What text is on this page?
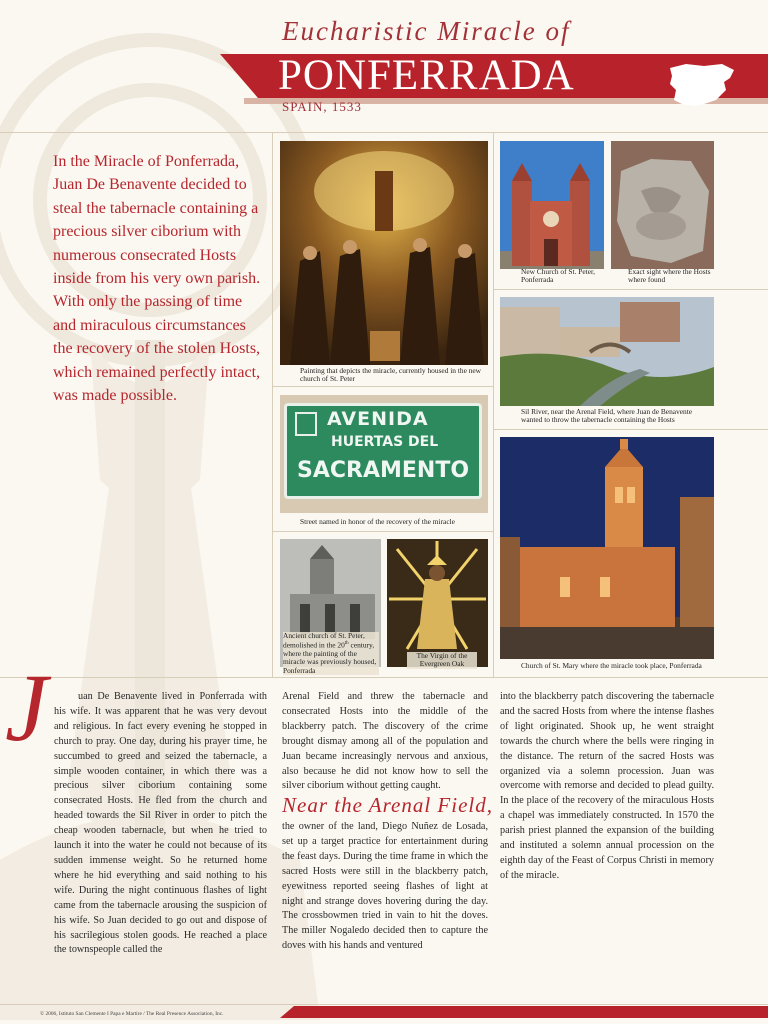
Eucharistic Miracle of
PONFERRADA
SPAIN, 1533
In the Miracle of Ponferrada, Juan De Benavente decided to steal the tabernacle containing a precious silver ciborium with numerous consecrated Hosts inside from his very own parish. With only the passing of time and miraculous circumstances the recovery of the stolen Hosts, which remained perfectly intact, was made possible.
Painting that depicts the miracle, currently housed in the new church of St. Peter
New Church of St. Peter, Ponferrada
Exact sight where the Hosts where found
Sil River, near the Arenal Field, where Juan de Benavente wanted to throw the tabernacle containing the Hosts
AVENIDA
HUERTAS DEL
SACRAMENTO
Street named in honor of the recovery of the miracle
Ancient church of St. Peter, demolished in the 20th century, where the painting of the miracle was previously housed, Ponferrada
The Virgin of the Evergreen Oak	Church of St. Mary where the miracle took place, Ponferrada
J	uan De Benavente lived in Ponferrada with his wife. It was apparent that he was very devout and religious. In fact every evening he stopped in church to pray. One day, during his prayer time, he succumbed to greed and seized the tabernacle, a simple wooden container, in which there was a precious silver ciborium containing some consecrated Hosts. He fled from the church and headed towards the Sil River in order to pitch the cheap wooden tabernacle, but when he tried to launch it into the water he could not because of its sudden immense weight. So he returned home where he hid everything and said nothing to his wife. During the night continuous flashes of light came from the tabernacle arousing the suspicion of his wife. So Juan decided to go out and dispose of his sacrilegious stolen goods. He reached a place the townspeople called the
Arenal Field and threw the tabernacle and consecrated Hosts into the middle of the blackberry patch. The discovery of the crime brought dismay among all of the population and Juan became increasingly nervous and anxious, also because he did not know how to sell the silver ciborium without getting caught.
Near the Arenal Field,
the owner of the land, Diego Nuñez de Losada, set up a target practice for entertainment during the feast days. During the time frame in which the sacred Hosts were still in the blackberry patch, eyewitness reported seeing flashes of light at night and strange doves hovering during the day. The crossbowmen tried in vain to hit the doves. The miller Nogaledo decided then to capture the doves with his hands and ventured
into the blackberry patch discovering the tabernacle and the sacred Hosts from where the intense flashes of light originated. Shook up, he went straight towards the church where the bells were ringing in the distance. The return of the sacred Hosts was organized via a solemn procession. Juan was overcome with remorse and decided to plead guilty. In the place of the recovery of the miraculous Hosts a chapel was immediately constructed. In 1570 the parish priest planned the expansion of the building and instituted a solemn annual procession on the eighth day of the Feast of Corpus Christi in memory of the miracle.
© 2006, Istituto San Clemente I Papa e Martire / The Real Presence Association, Inc.
